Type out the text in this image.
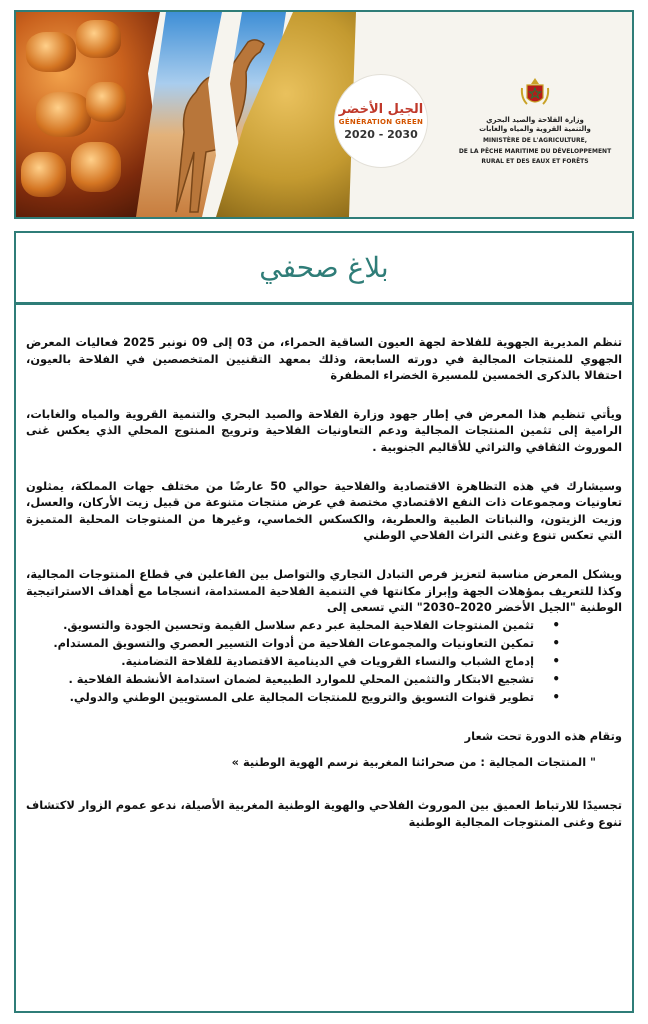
الجيل الأخضر
GÉNÉRATION GREEN
2020 - 2030
وزارة الفلاحة والصيد البحري
والتنمية القروية والمياه والغابات
MINISTÈRE DE L'AGRICULTURE,
DE LA PÊCHE MARITIME DU DÉVELOPPEMENT
RURAL ET DES EAUX ET FORÊTS
بلاغ صحفي

تنظم المديرية الجهوية للفلاحة لجهة العيون الساقية الحمراء، من 03 إلى 09 نونبر 2025 فعاليات المعرض الجهوي للمنتجات المجالية في دورته السابعة، وذلك بمعهد التقنيين المتخصصين في الفلاحة بالعيون، احتفالا بالذكرى الخمسين للمسيرة الخضراء المظفرة

ويأتي تنظيم هذا المعرض في إطار جهود وزارة الفلاحة والصيد البحري والتنمية القروية والمياه والغابات، الرامية إلى تثمين المنتجات المجالية ودعم التعاونيات الفلاحية وترويج المنتوج المحلي الذي يعكس غنى الموروث الثقافي والتراثي للأقاليم الجنوبية .

وسيشارك في هذه التظاهرة الاقتصادية والفلاحية حوالي 50 عارضًا من مختلف جهات المملكة، يمثلون تعاونيات ومجموعات ذات النفع الاقتصادي مختصة في عرض منتجات متنوعة من قبيل زيت الأركان، والعسل، وزيت الزيتون، والنباتات الطبية والعطرية، والكسكس الخماسي، وغيرها من المنتوجات المحلية المتميزة التي تعكس تنوع وغنى التراث الفلاحي الوطني

ويشكل المعرض مناسبة لتعزيز فرص التبادل التجاري والتواصل بين الفاعلين في قطاع المنتوجات المجالية، وكذا للتعريف بمؤهلات الجهة وإبراز مكانتها في التنمية الفلاحية المستدامة، انسجاما مع أهداف الاستراتيجية الوطنية "الجيل الأخضر 2020–2030" التي تسعى إلى

• تثمين المنتوجات الفلاحية المحلية عبر دعم سلاسل القيمة وتحسين الجودة والتسويق.
• تمكين التعاونيات والمجموعات الفلاحية من أدوات التسيير العصري والتسويق المستدام.
• إدماج الشباب والنساء القرويات في الدينامية الاقتصادية للفلاحة التضامنية.
• تشجيع الابتكار والتثمين المحلي للموارد الطبيعية لضمان استدامة الأنشطة الفلاحية .
• تطوير قنوات التسويق والترويج للمنتجات المجالية على المستويين الوطني والدولي.

وتقام هذه الدورة تحت شعار

" المنتجات المجالية : من صحرائنا المغربية نرسم الهوية الوطنية »

تجسيدًا للارتباط العميق بين الموروث الفلاحي والهوية الوطنية المغربية الأصيلة، ندعو عموم الزوار لاكتشاف تنوع وغنى المنتوجات المجالية الوطنية
